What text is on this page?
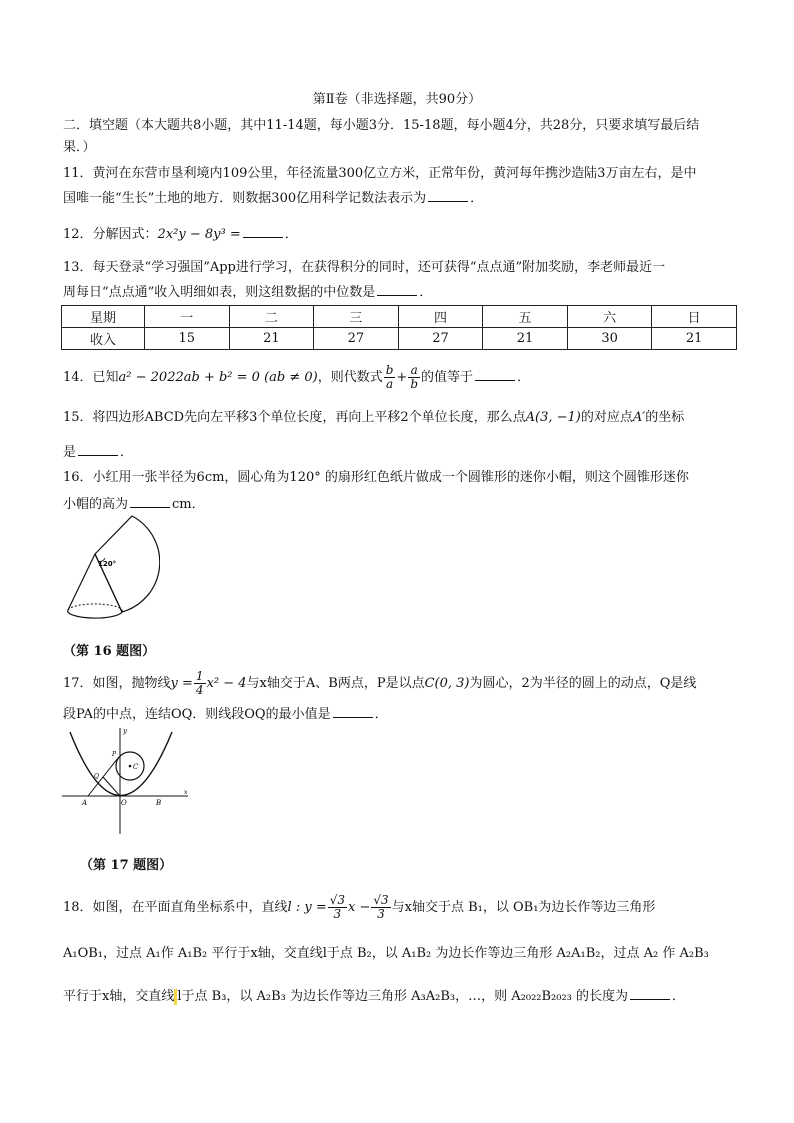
第Ⅱ卷（非选择题，共90分）
二．填空题（本大题共8小题，其中11-14题，每小题3分．15-18题，每小题4分，共28分，只要求填写最后结
果．）
11．黄河在东营市垦利境内109公里，年径流量300亿立方米，正常年份，黄河每年携沙造陆3万亩左右，是中
国唯一能“生长”土地的地方．则数据300亿用科学记数法表示为	．
12．分解因式：2x²y − 8y³ =	．
13．每天登录“学习强国”App进行学习，在获得积分的同时，还可获得“点点通”附加奖励，李老师最近一
周每日“点点通”收入明细如表，则这组数据的中位数是	．
星期	一	二	三	四	五	六	日
收入	15	21	27	27	21	30	21
14．已知a² − 2022ab + b² = 0 (ab ≠ 0)，则代数式 $\frac{b}{a} + \frac{a}{b}$ 的值等于	．
15．将四边形ABCD先向左平移3个单位长度，再向上平移2个单位长度，那么点A(3, −1)的对应点A′的坐标
是	．
16．小红用一张半径为6cm，圆心角为120° 的扇形红色纸片做成一个圆锥形的迷你小帽，则这个圆锥形迷你
小帽的高为	cm．
120°
（第 16 题图）
17．如图，抛物线$y = \frac{1}{4} x^2 - 4$与x轴交于A、B两点，P是以点C(0, 3)为圆心，2为半径的圆上的动点，Q是线
段PA的中点，连结OQ．则线段OQ的最小值是	．
y
C
P
Q
A	O	B
x
（第 17 题图）
18．如图，在平面直角坐标系中，直线l : $y = \frac{√3}{3}$ $x - \frac{√3}{3}$ 与x轴交于点 B₁，以 OB₁为边长作等边三角形
A₁OB₁，过点 A₁作 A₁B₂ 平行于x轴，交直线l于点 B₂，以 A₁B₂ 为边长作等边三角形 A₂A₁B₂，过点 A₂ 作 A₂B₃
平行于x轴，交直线 l于点 B₃，以 A₂B₃ 为边长作等边三角形 A₃A₂B₃，…，则 A₂₀₂₂B₂₀₂₃ 的长度为	．
